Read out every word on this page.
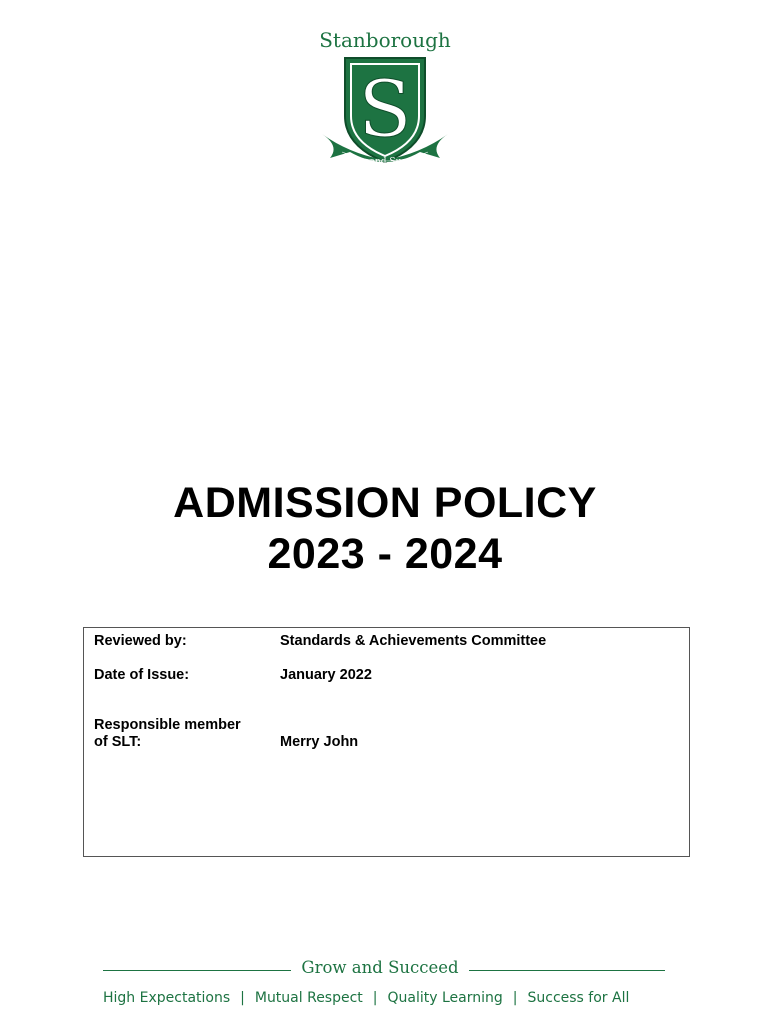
Stanborough
S
Grow and Succeed
ADMISSION POLICY
2023 - 2024
Reviewed by:	Standards & Achievements Committee
Date of Issue:	January 2022
Responsible member
of SLT:	Merry John
Grow and Succeed
High Expectations | Mutual Respect | Quality Learning | Success for All
